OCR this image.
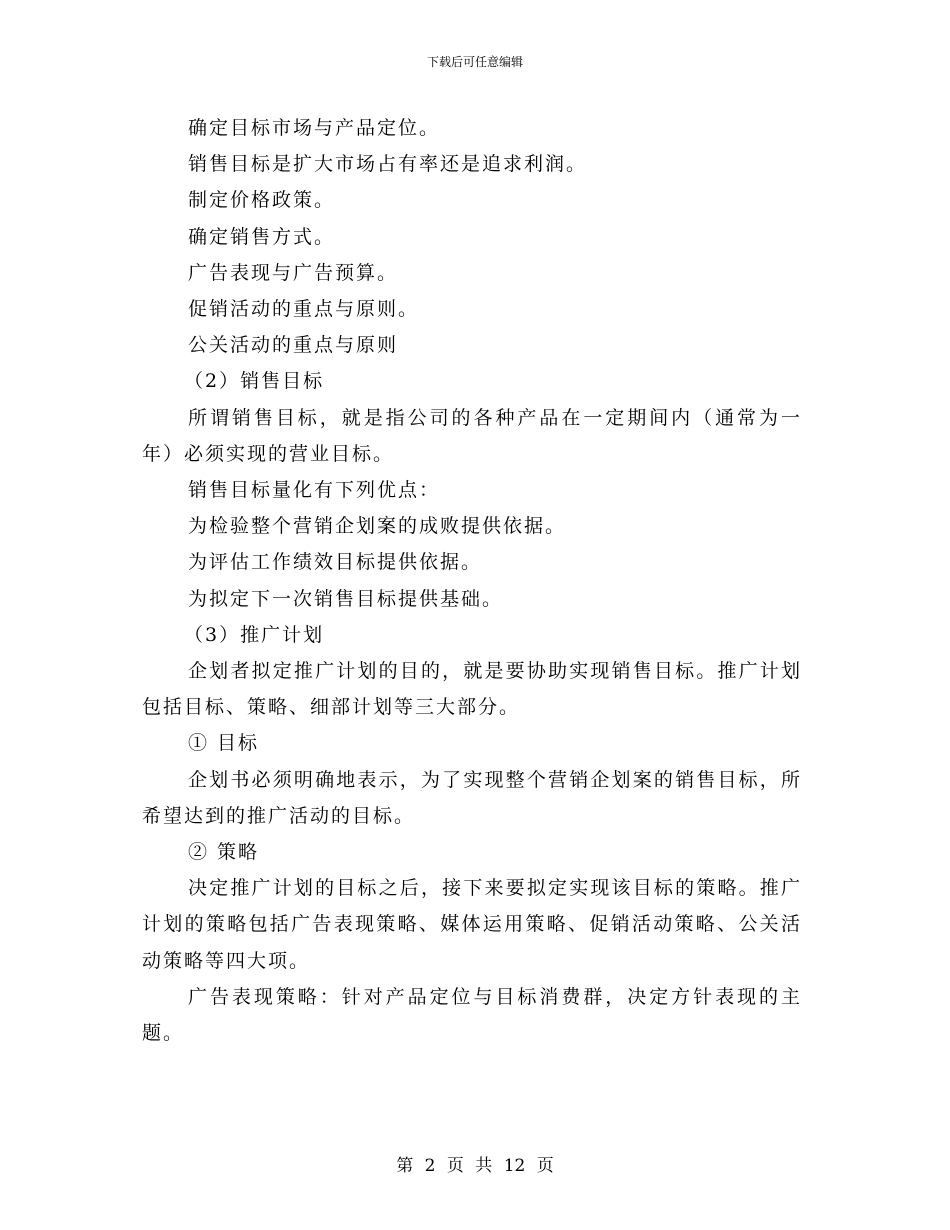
下载后可任意编辑

确定目标市场与产品定位。

销售目标是扩大市场占有率还是追求利润。

制定价格政策。

确定销售方式。

广告表现与广告预算。

促销活动的重点与原则。

公关活动的重点与原则

（2）销售目标

所谓销售目标，就是指公司的各种产品在一定期间内（通常为一年）必须实现的营业目标。

销售目标量化有下列优点：

为检验整个营销企划案的成败提供依据。

为评估工作绩效目标提供依据。

为拟定下一次销售目标提供基础。

（3）推广计划

企划者拟定推广计划的目的，就是要协助实现销售目标。推广计划包括目标、策略、细部计划等三大部分。

① 目标

企划书必须明确地表示，为了实现整个营销企划案的销售目标，所希望达到的推广活动的目标。

② 策略

决定推广计划的目标之后，接下来要拟定实现该目标的策略。推广计划的策略包括广告表现策略、媒体运用策略、促销活动策略、公关活动策略等四大项。

广告表现策略：针对产品定位与目标消费群，决定方针表现的主题。

第 2 页 共 12 页
